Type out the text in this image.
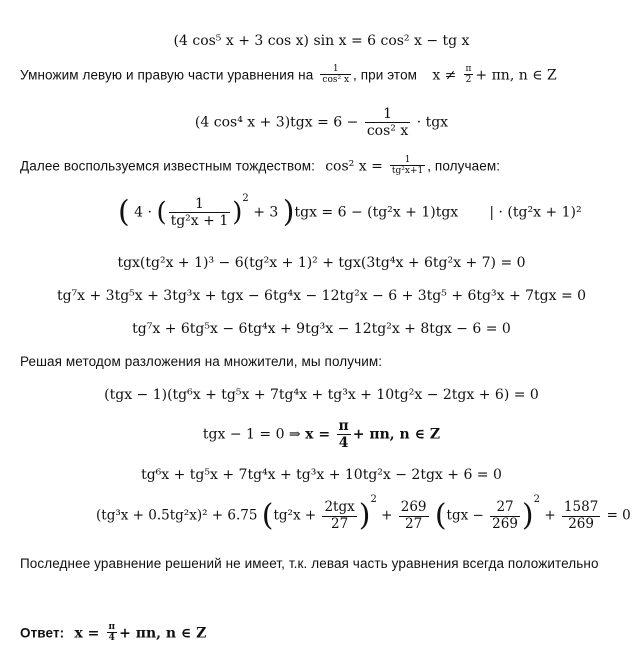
(4 cos⁵ x + 3 cos x) sin x = 6 cos² x − tg x
Умножим левую и правую части уравнения на $\frac{1}{\text{cos² x}}$ , при этом $x \ne \frac{\pi}{2} + \pi n$, n ∈ Z
(4 cos⁴ $x + 3)tgx = 6 - \frac{1}{\text{cos² x}}$ · tgx
Далее воспользуемся известным тождеством: cos² $x = \frac{1}{\text{tg²x+1}}$ , получаем:
( 4 · ( $\frac{1}{\text{tg²x + 1}} )^2 + 3$ )tgx = 6 − (tg²x + 1)tgx | · (tg²x + 1)²
tgx(tg²x + 1)³ − 6(tg²x + 1)² + tgx(3tg⁴x + 6tg²x + 7) = 0
tg⁷x + 3tg⁵x + 3tg³x + tgx − 6tg⁴x − 12tg²x − 6 + 3tg⁵ + 6tg³x + 7tgx = 0
tg⁷x + 6tg⁵x − 6tg⁴x + 9tg³x − 12tg²x + 8tgx − 6 = 0
Решая методом разложения на множители, мы получим:
(tgx − 1)(tg⁶x + tg⁵x + 7tg⁴x + tg³x + 10tg²x − 2tgx + 6) = 0
tgx − 1 = 0 ⇒ $x = \frac{\pi}{4} + \pi n$, n ∈ Z
tg⁶x + tg⁵x + 7tg⁴x + tg³x + 10tg²x − 2tgx + 6 = 0
(tg³x + 0.5tg²x)² + 6.75 $(tg^2x + \frac{\text{2tgx}}{27} )^2 + \frac{269}{27} (tgx - \frac{27}{269} )^2 + \frac{1587}{269} = 0$
Последнее уравнение решений не имеет, т.к. левая часть уравнения всегда положительно
Ответ: $x = \frac{\pi}{4} + \pi n$, n ∈ Z
